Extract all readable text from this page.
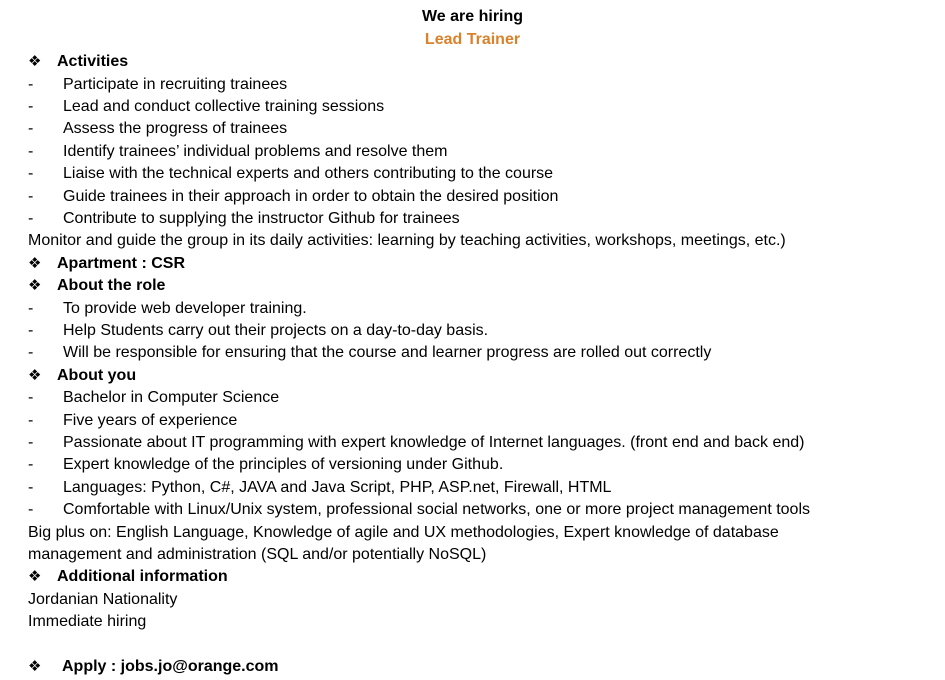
We are hiring
Lead Trainer
❖ Activities
- Participate in recruiting trainees
- Lead and conduct collective training sessions
- Assess the progress of trainees
- Identify trainees’ individual problems and resolve them
- Liaise with the technical experts and others contributing to the course
- Guide trainees in their approach in order to obtain the desired position
- Contribute to supplying the instructor Github for trainees
Monitor and guide the group in its daily activities: learning by teaching activities, workshops, meetings, etc.)
❖ Apartment : CSR
❖ About the role
- To provide web developer training.
- Help Students carry out their projects on a day-to-day basis.
- Will be responsible for ensuring that the course and learner progress are rolled out correctly
❖ About you
- Bachelor in Computer Science
- Five years of experience
- Passionate about IT programming with expert knowledge of Internet languages. (front end and back end)
- Expert knowledge of the principles of versioning under Github.
- Languages: Python, C#, JAVA and Java Script, PHP, ASP.net, Firewall, HTML
- Comfortable with Linux/Unix system, professional social networks, one or more project management tools
Big plus on: English Language, Knowledge of agile and UX methodologies, Expert knowledge of database
management and administration (SQL and/or potentially NoSQL)
❖ Additional information
Jordanian Nationality
Immediate hiring
❖ Apply : jobs.jo@orange.com
